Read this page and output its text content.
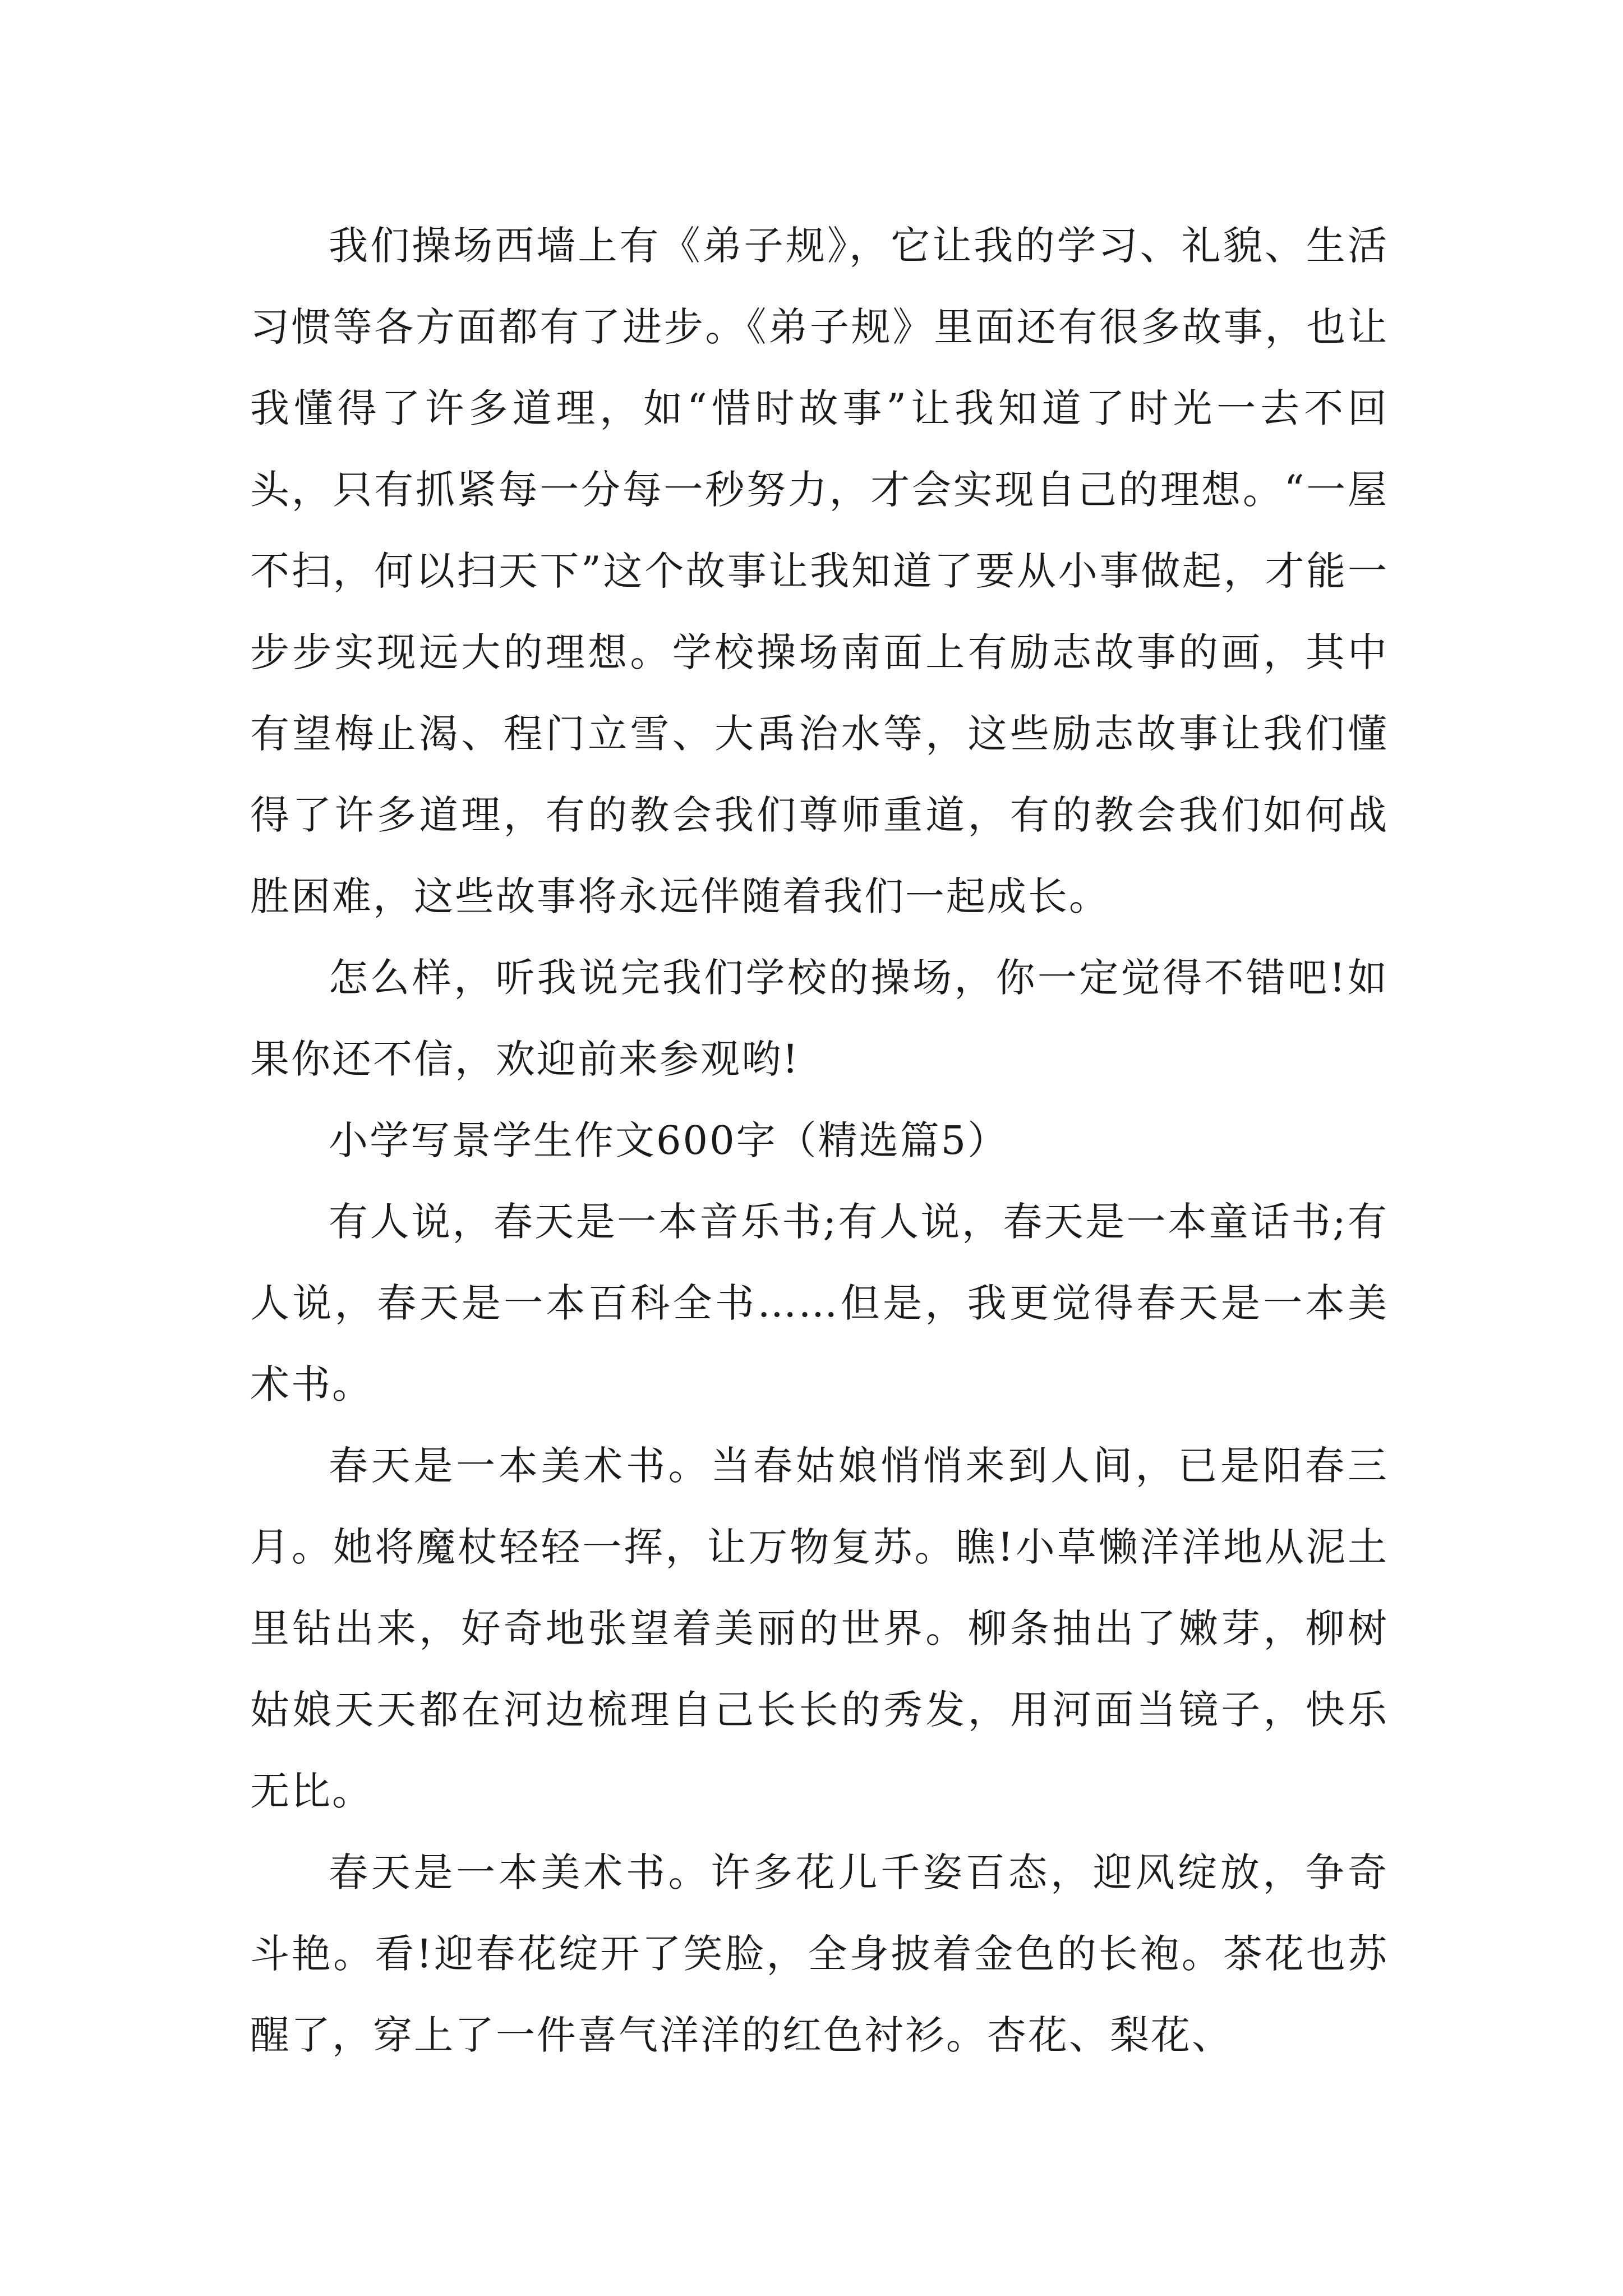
我们操场西墙上有《弟子规》，它让我的学习、礼貌、生活习惯等各方面都有了进步。《弟子规》里面还有很多故事，也让我懂得了许多道理，如“惜时故事”让我知道了时光一去不回头，只有抓紧每一分每一秒努力，才会实现自己的理想。“一屋不扫，何以扫天下”这个故事让我知道了要从小事做起，才能一步步实现远大的理想。学校操场南面上有励志故事的画，其中有望梅止渴、程门立雪、大禹治水等，这些励志故事让我们懂得了许多道理，有的教会我们尊师重道，有的教会我们如何战胜困难，这些故事将永远伴随着我们一起成长。

怎么样，听我说完我们学校的操场，你一定觉得不错吧!如果你还不信，欢迎前来参观哟!

小学写景学生作文600字（精选篇5）

有人说，春天是一本音乐书;有人说，春天是一本童话书;有人说，春天是一本百科全书……但是，我更觉得春天是一本美术书。

春天是一本美术书。当春姑娘悄悄来到人间，已是阳春三月。她将魔杖轻轻一挥，让万物复苏。瞧!小草懒洋洋地从泥土里钻出来，好奇地张望着美丽的世界。柳条抽出了嫩芽，柳树姑娘天天都在河边梳理自己长长的秀发，用河面当镜子，快乐无比。

春天是一本美术书。许多花儿千姿百态，迎风绽放，争奇斗艳。看!迎春花绽开了笑脸，全身披着金色的长袍。茶花也苏醒了，穿上了一件喜气洋洋的红色衬衫。杏花、梨花、
